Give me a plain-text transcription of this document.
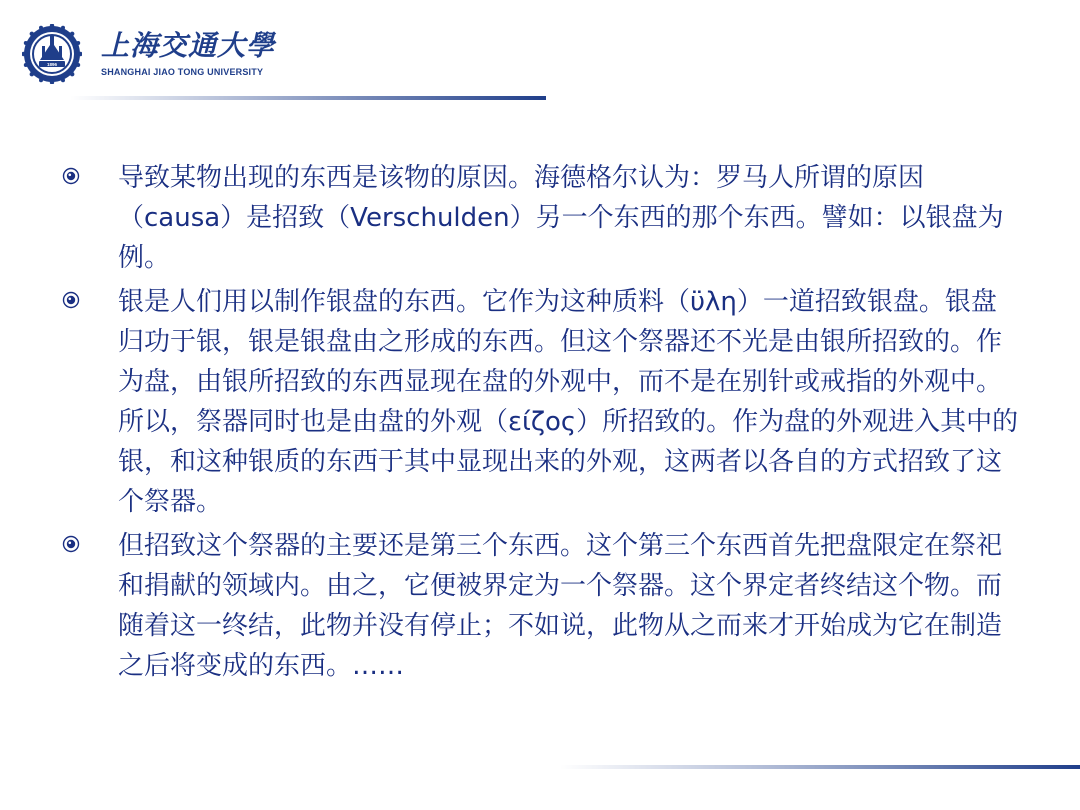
1896
上海交通大學
SHANGHAI JIAO TONG UNIVERSITY
导致某物出现的东西是该物的原因。海德格尔认为：罗马人所谓的原因（causa）是招致（Verschulden）另一个东西的那个东西。譬如：以银盘为例。
银是人们用以制作银盘的东西。它作为这种质料（ϋλη）一道招致银盘。银盘归功于银，银是银盘由之形成的东西。但这个祭器还不光是由银所招致的。作为盘，由银所招致的东西显现在盘的外观中，而不是在别针或戒指的外观中。所以，祭器同时也是由盘的外观（είζος）所招致的。作为盘的外观进入其中的银，和这种银质的东西于其中显现出来的外观，这两者以各自的方式招致了这个祭器。
但招致这个祭器的主要还是第三个东西。这个第三个东西首先把盘限定在祭祀和捐献的领域内。由之，它便被界定为一个祭器。这个界定者终结这个物。而随着这一终结，此物并没有停止；不如说，此物从之而来才开始成为它在制造之后将变成的东西。……
